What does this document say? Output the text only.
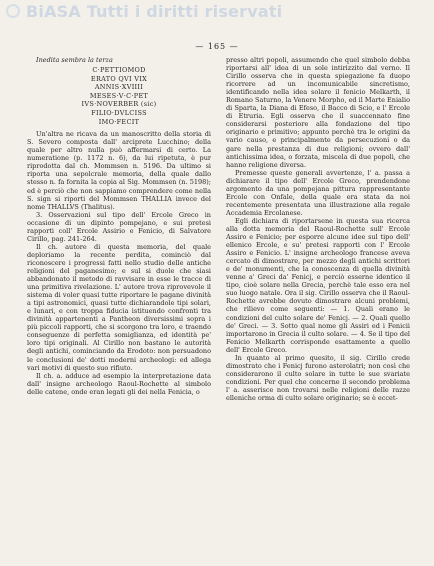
BiASA Tutti i diritti riservati
— 165 —

Inedita sembra la terza

C·PETTIOMOD
ERATO QVI VIX
ANNIS·XVIIII
MESES·V·C·PET
IVS·NOVERBER (sic)
FILIO·DVLCISS
IMO·FECIT

Un'altra ne ricava da un manoscritto della storia di S. Severo composta dall' arciprete Lucchino; della quale per altro nulla può affermarsi di certo. La numeratione (p. 1172 n. 6), da lui ripetuta, è pur riprodotta dal ch. Mommsen n. 5196. Da ultimo si riporta una sepolcrale memoria, della quale dallo stesso n. fa fornita la copia al Sig. Mommsen (n. 5198); ed è perciò che non sappiamo comprendere come nella S. sign si riporti del Mommsen THALLIA invece del nome THALLVS (Thalitus).

3. Osservazioni sul tipo dell' Ercole Greco in occasione di un dipinto pompejano, e sui pretesi rapporti coll' Ercole Assirio e Fenicio, di Salvatore Cirillo, pag. 241-264.

Il ch. autore di questa memoria, del quale deploriamo la recente perdita, cominciò dal riconoscere i progressi fatti nello studio delle antiche religioni del paganesimo; e sul si duole che siasi abbandonato il metodo di ravvisare in esse le tracce di una primitiva rivelazione. L' autore trova riprovevole il sistema di voler quasi tutte riportare le pagane divinità a tipi astronomici, quasi tutte dichiarandole tipi solari, e lunari, e con troppa fiducia istituendo confronti tra divinità appartenenti a Pantheon diversissimi sopra i più piccoli rapporti, che si scorgono tra loro, e traendo conseguenze di perfetta somiglianza, ed identità pe' loro tipi originali. Al Cirillo non bastano le autorità degli antichi, cominciando da Erodoto: non persuadono le conclusioni de' dotti moderni archeologi: ed allega vari motivi di questo suo rifiuto.

Il ch. a. adduce ad esempio la interpretazione data dall' insigne archeologo Raoul-Rochette al simbolo delle catene, onde eran legati gli dei nella Fenicia, o

presso altri popoli, assumendo che quel simbolo debba riportarsi all' idea di un sole intirizzito dal verno. Il Cirillo osserva che in questa spiegazione fa duopo ricorrere ad un incomunicabile sincretismo, identificando nella idea solare il fenicio Melkarth, il Romano Saturno, la Venere Morpho, ed il Marte Enialio di Sparta, la Diana di Efeso, il Bacco di Scio, e l' Ercole di Etruria. Egli osserva che il suaccennato fine considerarsi posteriore alla fondazione del tipo originario e primitivo; appunto perchè tra le origini da vario causo, e principalmente da persecuzioni o da gare nella prestanza di due religioni; ovvero dall' antichissima idea, o forzata, miscela di due popoli, che hanno religione diversa.

Premesse queste generali avvertenze, l' a. passa a dichiarare il tipo dell' Ercole Greco, prendendone argomento da una pompejana pittura rappresentante Ercole con Onfale, della quale era stata da noi recentemente presentata una illustrazione alla regale Accademia Ercolanese.

Egli dichiara di riportarsene in questa sua ricerca alla dotta memoria del Raoul-Rochette sull' Ercole Assiro e Fenicio; per esporre alcune idee sul tipo dell' ellenico Ercole, e su' pretesi rapporti con l' Ercole Assiro e Fenicio. L' insigne archeologo francese aveva cercato di dimostrare, per mezzo degli antichi scrittori e de' monumenti, che la conoscenza di quella divinità venne a' Greci da' Fenicj, e perciò esserne identico il tipo, cioè solare nella Grecia, perchè tale esso era nel suo luogo natale. Ora il sig. Cirillo osserva che il Raoul-Rochette avrebbe dovuto dimostrare alcuni problemi, che rilievo come seguenti: — 1. Quali erano le condizioni del culto solare de' Fenicj. — 2. Quali quello de' Greci. — 3. Sotto qual nome gli Assiri ed i Fenicii importarono in Grecia il culto solare. — 4. Se il tipo del Fenicio Melkarth corrisponde esattamente a quello dell' Ercole Greco.

In quanto al primo quesito, il sig. Cirillo crede dimostrato che i Fenicj furono asterolatri; non così che considerarono il culto solare in tutte le sue svariate condizioni. Per quel che concerne il secondo problema l' a. asserisce non trovarsi nelle religioni delle razze elleniche orma di culto solare originario; se è eccet-
